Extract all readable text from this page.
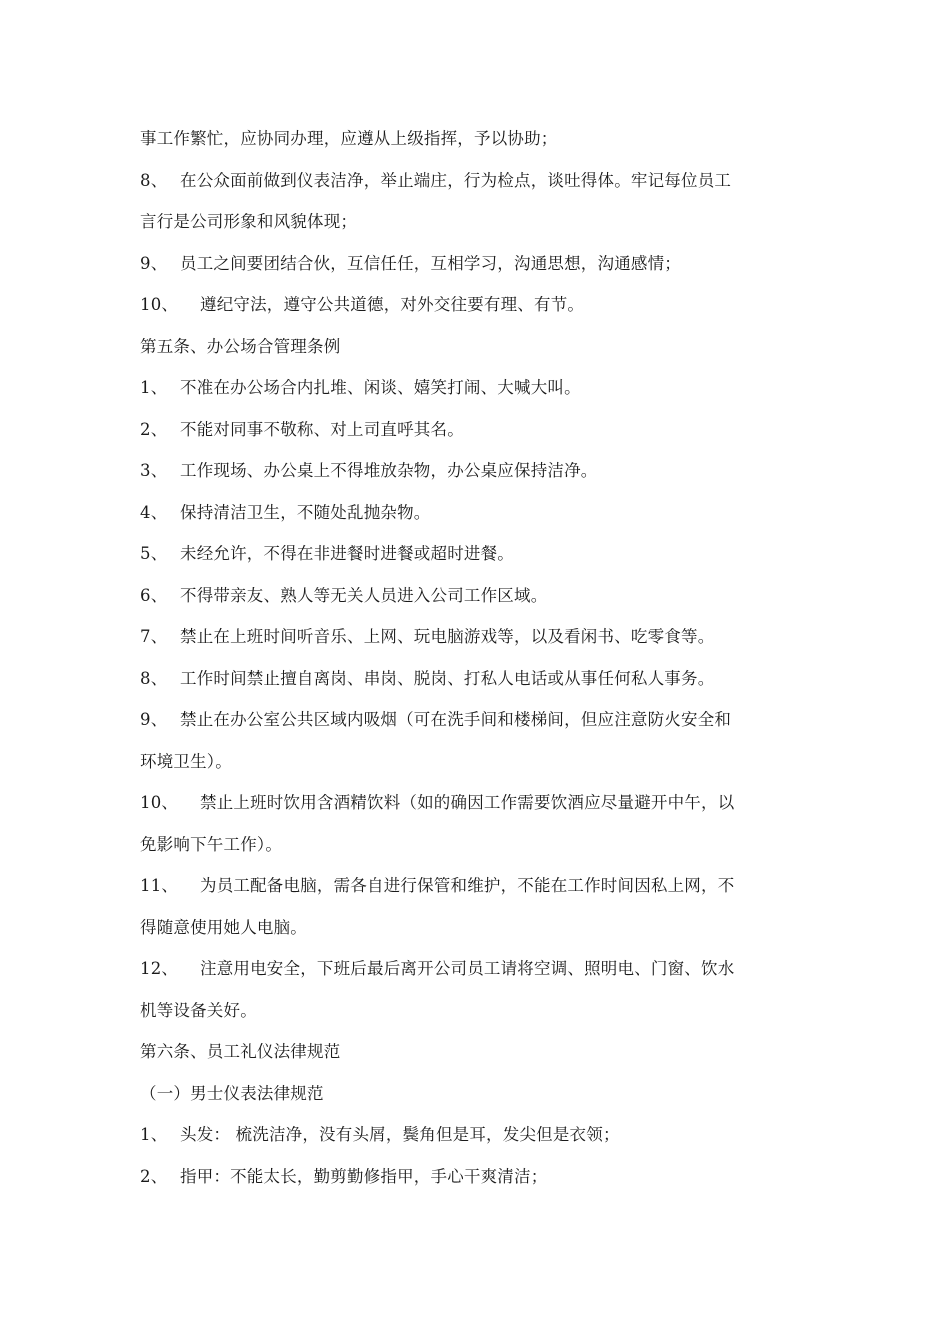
事工作繁忙，应协同办理，应遵从上级指挥，予以协助；
8、 在公众面前做到仪表洁净，举止端庄，行为检点，谈吐得体。牢记每位员工
言行是公司形象和风貌体现；
9、 员工之间要团结合伙，互信任任，互相学习，沟通思想，沟通感情；
10、 遵纪守法，遵守公共道德，对外交往要有理、有节。
第五条、办公场合管理条例
1、 不准在办公场合内扎堆、闲谈、嬉笑打闹、大喊大叫。
2、 不能对同事不敬称、对上司直呼其名。
3、 工作现场、办公桌上不得堆放杂物，办公桌应保持洁净。
4、 保持清洁卫生，不随处乱抛杂物。
5、 未经允许，不得在非进餐时进餐或超时进餐。
6、 不得带亲友、熟人等无关人员进入公司工作区域。
7、 禁止在上班时间听音乐、上网、玩电脑游戏等，以及看闲书、吃零食等。
8、 工作时间禁止擅自离岗、串岗、脱岗、打私人电话或从事任何私人事务。
9、 禁止在办公室公共区域内吸烟（可在洗手间和楼梯间，但应注意防火安全和
环境卫生）。
10、 禁止上班时饮用含酒精饮料（如的确因工作需要饮酒应尽量避开中午，以
免影响下午工作）。
11、 为员工配备电脑，需各自进行保管和维护，不能在工作时间因私上网，不
得随意使用她人电脑。
12、 注意用电安全，下班后最后离开公司员工请将空调、照明电、门窗、饮水
机等设备关好。
第六条、员工礼仪法律规范
（一）男士仪表法律规范
1、 头发： 梳洗洁净，没有头屑，鬓角但是耳，发尖但是衣领；
2、 指甲：不能太长，勤剪勤修指甲，手心干爽清洁；
